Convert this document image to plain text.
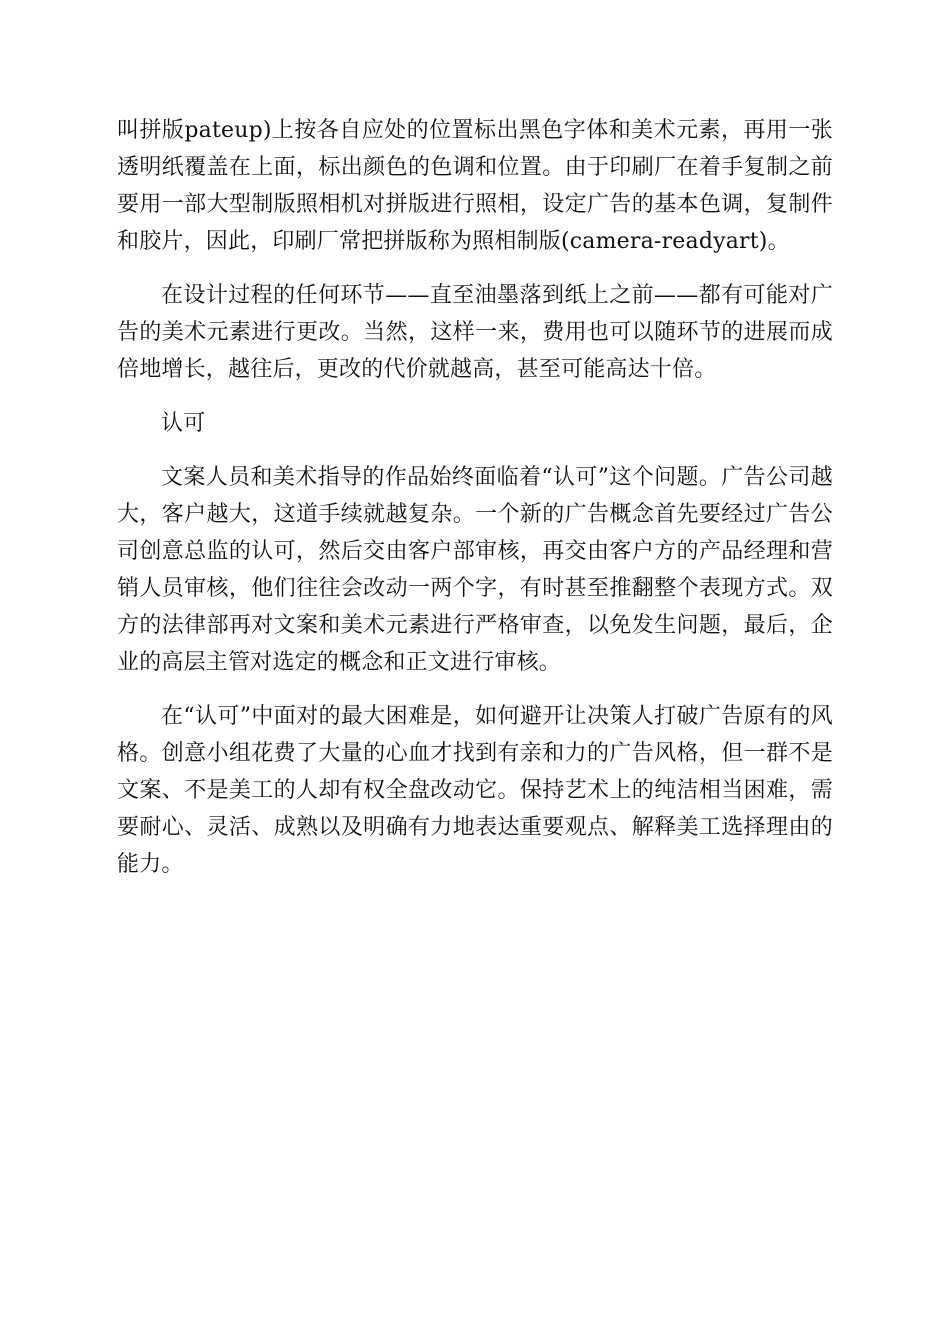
叫拼版pateup)上按各自应处的位置标出黑色字体和美术元素，再用一张透明纸覆盖在上面，标出颜色的色调和位置。由于印刷厂在着手复制之前要用一部大型制版照相机对拼版进行照相，设定广告的基本色调，复制件和胶片，因此，印刷厂常把拼版称为照相制版(camera-readyart)。

在设计过程的任何环节——直至油墨落到纸上之前——都有可能对广告的美术元素进行更改。当然，这样一来，费用也可以随环节的进展而成倍地增长，越往后，更改的代价就越高，甚至可能高达十倍。

认可

文案人员和美术指导的作品始终面临着“认可”这个问题。广告公司越大，客户越大，这道手续就越复杂。一个新的广告概念首先要经过广告公司创意总监的认可，然后交由客户部审核，再交由客户方的产品经理和营销人员审核，他们往往会改动一两个字，有时甚至推翻整个表现方式。双方的法律部再对文案和美术元素进行严格审查，以免发生问题，最后，企业的高层主管对选定的概念和正文进行审核。

在“认可”中面对的最大困难是，如何避开让决策人打破广告原有的风格。创意小组花费了大量的心血才找到有亲和力的广告风格，但一群不是文案、不是美工的人却有权全盘改动它。保持艺术上的纯洁相当困难，需要耐心、灵活、成熟以及明确有力地表达重要观点、解释美工选择理由的能力。
